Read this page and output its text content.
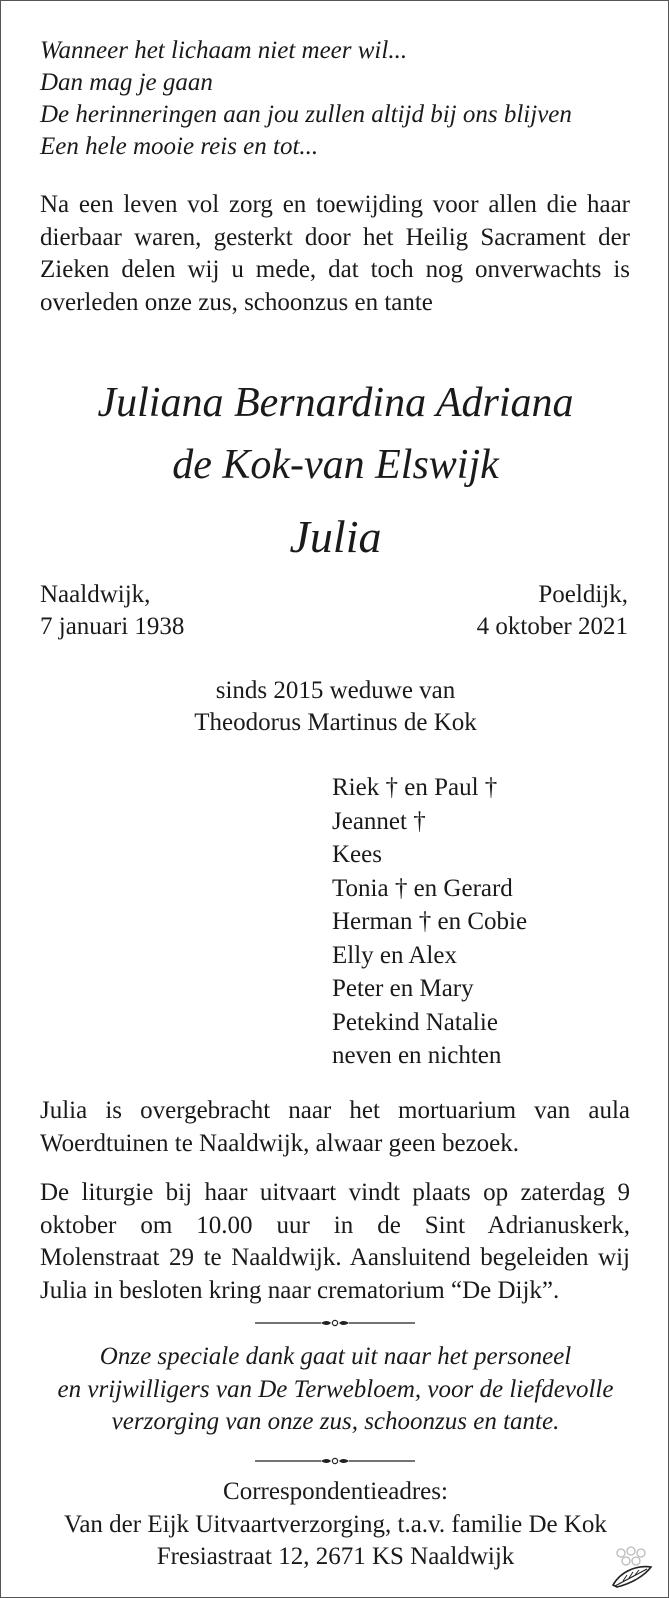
Wanneer het lichaam niet meer wil...
Dan mag je gaan
De herinneringen aan jou zullen altijd bij ons blijven
Een hele mooie reis en tot...
Na een leven vol zorg en toewijding voor allen die haar dierbaar waren, gesterkt door het Heilig Sacrament der Zieken delen wij u mede, dat toch nog onverwachts is overleden onze zus, schoonzus en tante
Juliana Bernardina Adriana
de Kok-van Elswijk
Julia
Naaldwijk,
7 januari 1938
Poeldijk,
4 oktober 2021
sinds 2015 weduwe van
Theodorus Martinus de Kok
Riek † en Paul †
Jeannet †
Kees
Tonia † en Gerard
Herman † en Cobie
Elly en Alex
Peter en Mary
Petekind Natalie
neven en nichten
Julia is overgebracht naar het mortuarium van aula Woerdtuinen te Naaldwijk, alwaar geen bezoek.
De liturgie bij haar uitvaart vindt plaats op zaterdag 9 oktober om 10.00 uur in de Sint Adrianuskerk, Molenstraat 29 te Naaldwijk. Aansluitend begeleiden wij Julia in besloten kring naar crematorium “De Dijk”.
Onze speciale dank gaat uit naar het personeel
en vrijwilligers van De Terwebloem, voor de liefdevolle
verzorging van onze zus, schoonzus en tante.
Correspondentieadres:
Van der Eijk Uitvaartverzorging, t.a.v. familie De Kok
Fresiastraat 12, 2671 KS Naaldwijk
